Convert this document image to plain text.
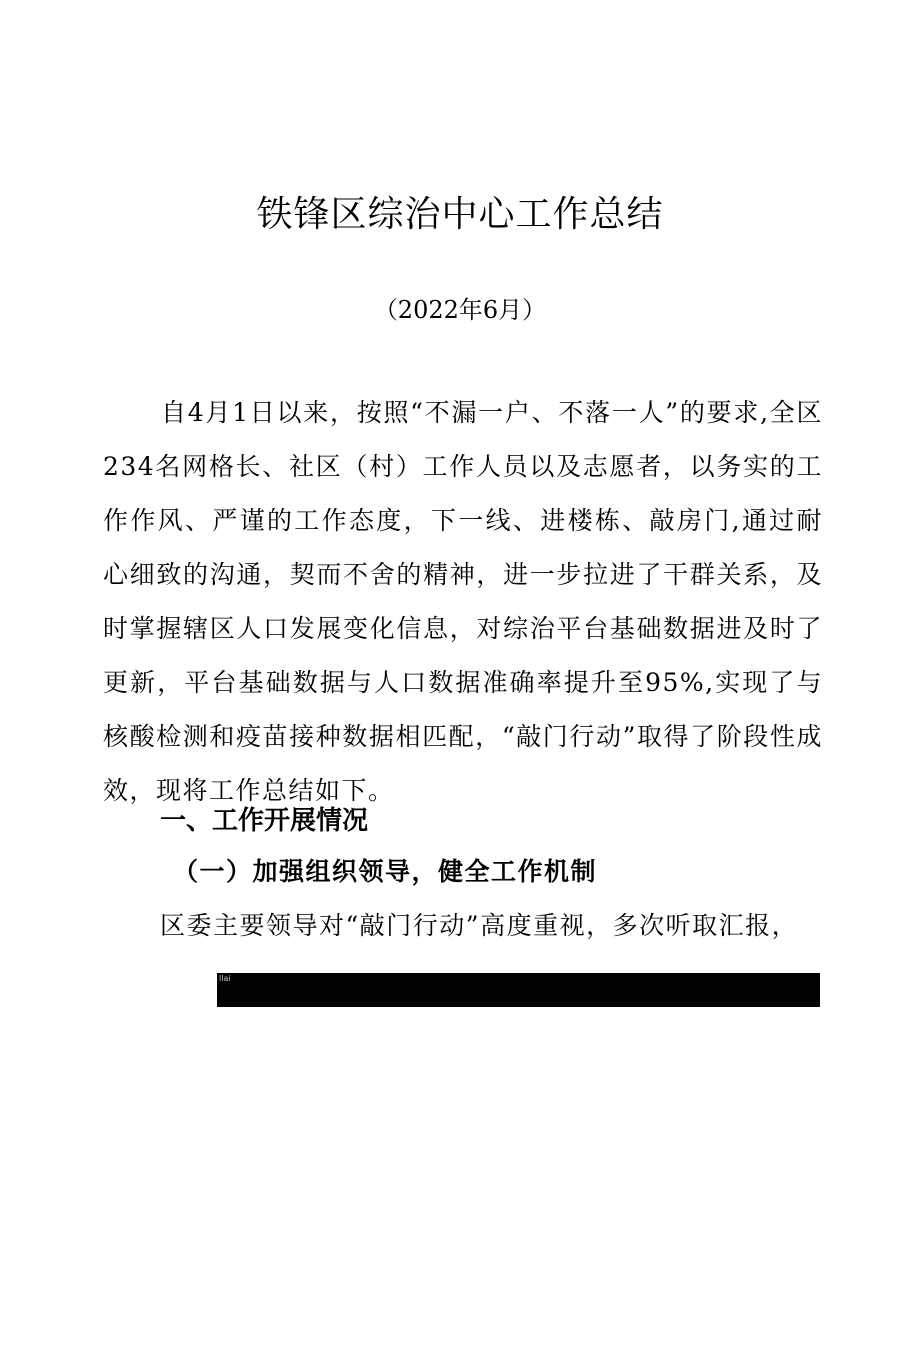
铁锋区综治中心工作总结

（2022年6月）

自4月1日以来，按照“不漏一户、不落一人”的要求,全区234名网格长、社区（村）工作人员以及志愿者，以务实的工作作风、严谨的工作态度，下一线、进楼栋、敲房门,通过耐心细致的沟通，契而不舍的精神，进一步拉进了干群关系，及时掌握辖区人口发展变化信息，对综治平台基础数据进及时了更新，平台基础数据与人口数据准确率提升至95%,实现了与核酸检测和疫苗接种数据相匹配，“敲门行动”取得了阶段性成效，现将工作总结如下。

一、工作开展情况
（一）加强组织领导，健全工作机制

区委主要领导对“敲门行动”高度重视，多次听取汇报，

llai
